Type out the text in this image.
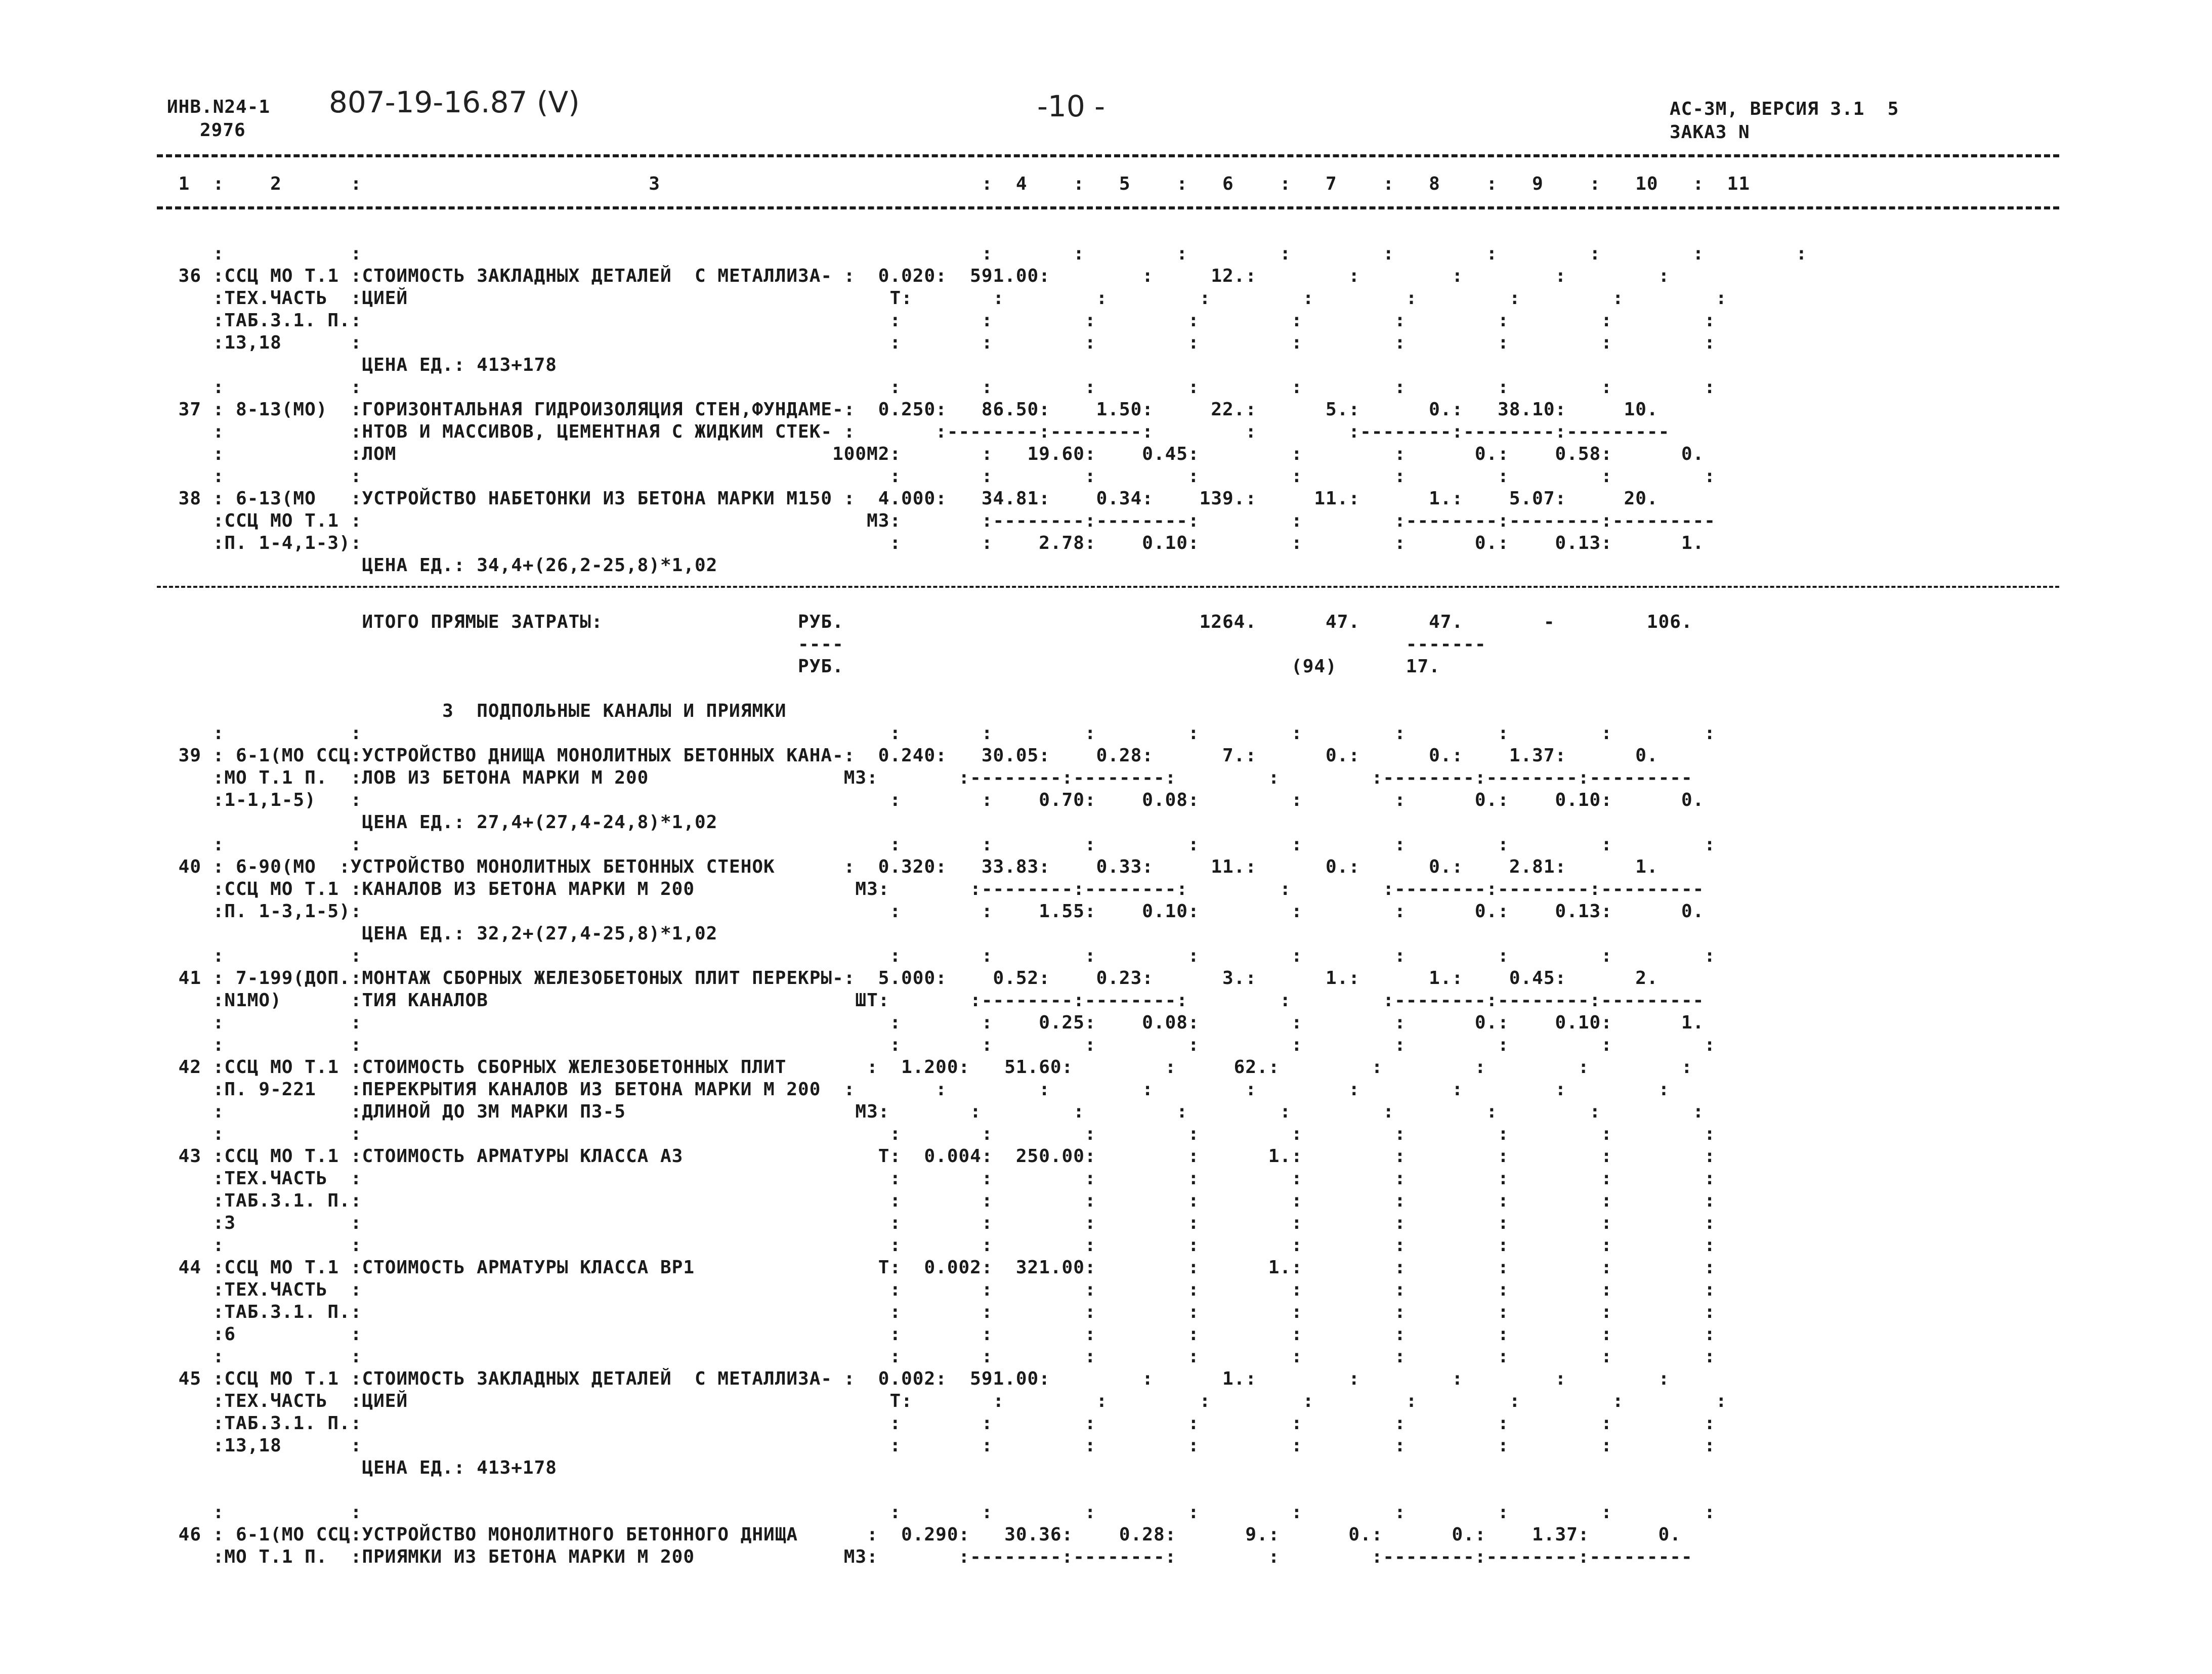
ИНВ.N24-1
2976
807-19-16.87 (V)	-10 -	АС-3М, ВЕРСИЯ 3.1  5
ЗАКАЗ N
1  :    2      :                         3                            :  4    :   5    :   6    :   7    :   8    :   9    :   10   :  11
:           :                                                      :       :        :        :        :        :        :        :        :
36 :ССЦ МО Т.1 :СТОИМОСТЬ ЗАКЛАДНЫХ ДЕТАЛЕЙ  С МЕТАЛЛИЗА- :  0.020:  591.00:        :     12.:        :        :        :        :
:ТЕХ.ЧАСТЬ  :ЦИЕЙ                                          Т:       :        :        :        :        :        :        :        :
:ТАБ.3.1. П.:                                              :       :        :        :        :        :        :        :        :
:13,18      :                                              :       :        :        :        :        :        :        :        :
ЦЕНА ЕД.: 413+178
:           :                                              :       :        :        :        :        :        :        :        :
37 : 8-13(МО)  :ГОРИЗОНТАЛЬНАЯ ГИДРОИЗОЛЯЦИЯ СТЕН,ФУНДАМЕ-:  0.250:   86.50:    1.50:     22.:      5.:      0.:   38.10:     10.
:           :НТОВ И МАССИВОВ, ЦЕМЕНТНАЯ С ЖИДКИМ СТЕК- :       :--------:--------:        :        :--------:--------:---------
:           :ЛОМ                                      100М2:       :   19.60:    0.45:        :        :      0.:    0.58:      0.
:           :                                              :       :        :        :        :        :        :        :        :
38 : 6-13(МО   :УСТРОЙСТВО НАБЕТОНКИ ИЗ БЕТОНА МАРКИ М150 :  4.000:   34.81:    0.34:    139.:     11.:      1.:    5.07:     20.
:ССЦ МО Т.1 :                                            М3:       :--------:--------:        :        :--------:--------:---------
:П. 1-4,1-3):                                              :       :    2.78:    0.10:        :        :      0.:    0.13:      1.
ЦЕНА ЕД.: 34,4+(26,2-25,8)*1,02
ИТОГО ПРЯМЫЕ ЗАТРАТЫ:                 РУБ.                               1264.      47.      47.       -        106.
----                                                 -------
РУБ.                                       (94)      17.
3  ПОДПОЛЬНЫЕ КАНАЛЫ И ПРИЯМКИ
:           :                                              :       :        :        :        :        :        :        :        :
39 : 6-1(МО ССЦ:УСТРОЙСТВО ДНИЩА МОНОЛИТНЫХ БЕТОННЫХ КАНА-:  0.240:   30.05:    0.28:      7.:      0.:      0.:    1.37:      0.
:МО Т.1 П.  :ЛОВ ИЗ БЕТОНА МАРКИ М 200                 М3:       :--------:--------:        :        :--------:--------:---------
:1-1,1-5)   :                                              :       :    0.70:    0.08:        :        :      0.:    0.10:      0.
ЦЕНА ЕД.: 27,4+(27,4-24,8)*1,02
:           :                                              :       :        :        :        :        :        :        :        :
40 : 6-90(МО  :УСТРОЙСТВО МОНОЛИТНЫХ БЕТОННЫХ СТЕНОК      :  0.320:   33.83:    0.33:     11.:      0.:      0.:    2.81:      1.
:ССЦ МО Т.1 :КАНАЛОВ ИЗ БЕТОНА МАРКИ М 200              М3:       :--------:--------:        :        :--------:--------:---------
:П. 1-3,1-5):                                              :       :    1.55:    0.10:        :        :      0.:    0.13:      0.
ЦЕНА ЕД.: 32,2+(27,4-25,8)*1,02
:           :                                              :       :        :        :        :        :        :        :        :
41 : 7-199(ДОП.:МОНТАЖ СБОРНЫХ ЖЕЛЕЗОБЕТОНЫХ ПЛИТ ПЕРЕКРЫ-:  5.000:    0.52:    0.23:      3.:      1.:      1.:    0.45:      2.
:N1МО)      :ТИЯ КАНАЛОВ                                ШТ:       :--------:--------:        :        :--------:--------:---------
:           :                                              :       :    0.25:    0.08:        :        :      0.:    0.10:      1.
:           :                                              :       :        :        :        :        :        :        :        :
42 :ССЦ МО Т.1 :СТОИМОСТЬ СБОРНЫХ ЖЕЛЕЗОБЕТОННЫХ ПЛИТ       :  1.200:   51.60:        :     62.:        :        :        :        :
:П. 9-221   :ПЕРЕКРЫТИЯ КАНАЛОВ ИЗ БЕТОНА МАРКИ М 200  :       :        :        :        :        :        :        :        :
:           :ДЛИНОЙ ДО 3М МАРКИ П3-5                    М3:       :        :        :        :        :        :        :        :
:           :                                              :       :        :        :        :        :        :        :        :
43 :ССЦ МО Т.1 :СТОИМОСТЬ АРМАТУРЫ КЛАССА А3                 Т:  0.004:  250.00:        :      1.:        :        :        :        :
:ТЕХ.ЧАСТЬ  :                                              :       :        :        :        :        :        :        :        :
:ТАБ.3.1. П.:                                              :       :        :        :        :        :        :        :        :
:3          :                                              :       :        :        :        :        :        :        :        :
:           :                                              :       :        :        :        :        :        :        :        :
44 :ССЦ МО Т.1 :СТОИМОСТЬ АРМАТУРЫ КЛАССА ВР1                Т:  0.002:  321.00:        :      1.:        :        :        :        :
:ТЕХ.ЧАСТЬ  :                                              :       :        :        :        :        :        :        :        :
:ТАБ.3.1. П.:                                              :       :        :        :        :        :        :        :        :
:6          :                                              :       :        :        :        :        :        :        :        :
:           :                                              :       :        :        :        :        :        :        :        :
45 :ССЦ МО Т.1 :СТОИМОСТЬ ЗАКЛАДНЫХ ДЕТАЛЕЙ  С МЕТАЛЛИЗА- :  0.002:  591.00:        :      1.:        :        :        :        :
:ТЕХ.ЧАСТЬ  :ЦИЕЙ                                          Т:       :        :        :        :        :        :        :        :
:ТАБ.3.1. П.:                                              :       :        :        :        :        :        :        :        :
:13,18      :                                              :       :        :        :        :        :        :        :        :
ЦЕНА ЕД.: 413+178
:           :                                              :       :        :        :        :        :        :        :        :
46 : 6-1(МО ССЦ:УСТРОЙСТВО МОНОЛИТНОГО БЕТОННОГО ДНИЩА      :  0.290:   30.36:    0.28:      9.:      0.:      0.:    1.37:      0.
:МО Т.1 П.  :ПРИЯМКИ ИЗ БЕТОНА МАРКИ М 200             М3:       :--------:--------:        :        :--------:--------:---------
